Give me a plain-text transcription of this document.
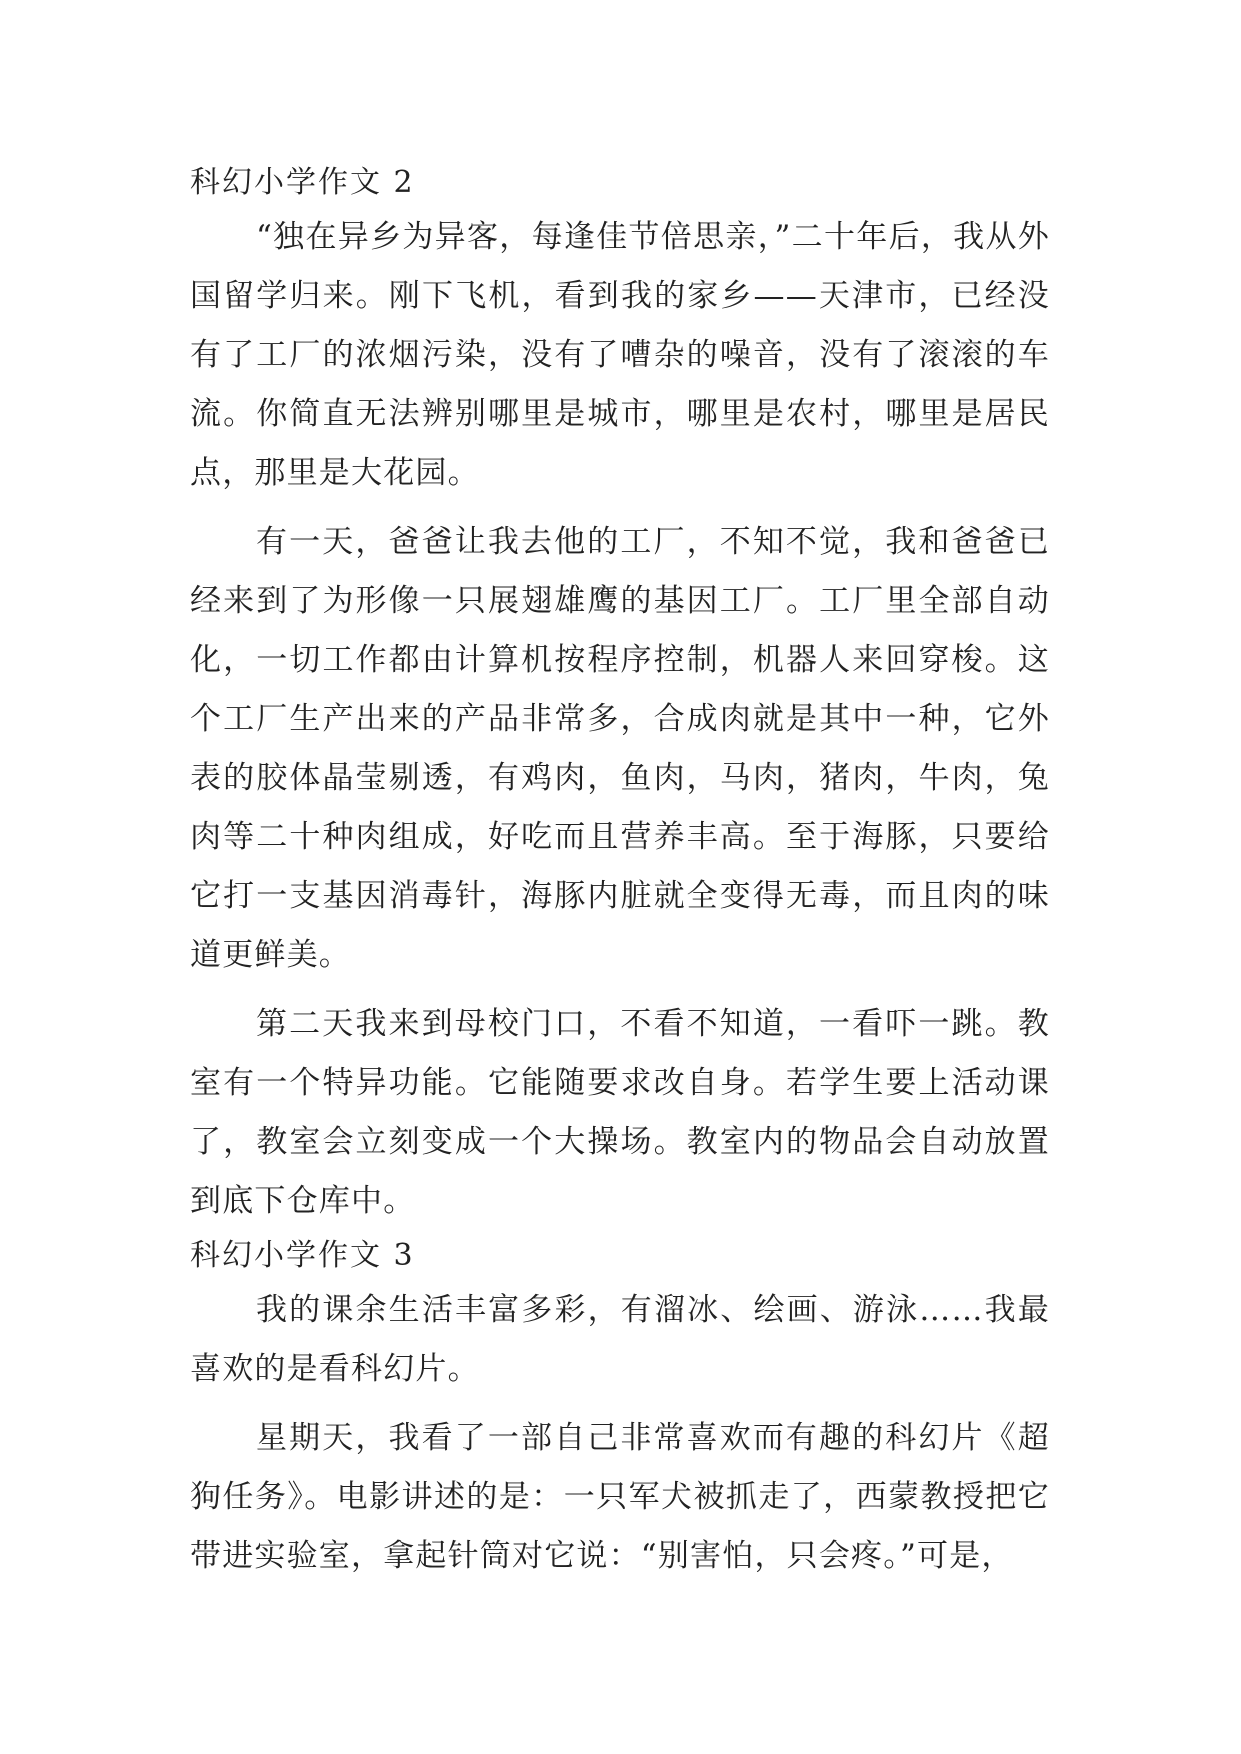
科幻小学作文 2

“独在异乡为异客，每逢佳节倍思亲，”二十年后，我从外国留学归来。刚下飞机，看到我的家乡——天津市，已经没有了工厂的浓烟污染，没有了嘈杂的噪音，没有了滚滚的车流。你简直无法辨别哪里是城市，哪里是农村，哪里是居民点，那里是大花园。

有一天，爸爸让我去他的工厂，不知不觉，我和爸爸已经来到了为形像一只展翅雄鹰的基因工厂。工厂里全部自动化，一切工作都由计算机按程序控制，机器人来回穿梭。这个工厂生产出来的产品非常多，合成肉就是其中一种，它外表的胶体晶莹剔透，有鸡肉，鱼肉，马肉，猪肉，牛肉，兔肉等二十种肉组成，好吃而且营养丰高。至于海豚，只要给它打一支基因消毒针，海豚内脏就全变得无毒，而且肉的味道更鲜美。

第二天我来到母校门口，不看不知道，一看吓一跳。教室有一个特异功能。它能随要求改自身。若学生要上活动课了，教室会立刻变成一个大操场。教室内的物品会自动放置到底下仓库中。

科幻小学作文 3

我的课余生活丰富多彩，有溜冰、绘画、游泳……我最喜欢的是看科幻片。

星期天，我看了一部自己非常喜欢而有趣的科幻片《超狗任务》。电影讲述的是：一只军犬被抓走了，西蒙教授把它带进实验室，拿起针筒对它说：“别害怕，只会疼。”可是，
